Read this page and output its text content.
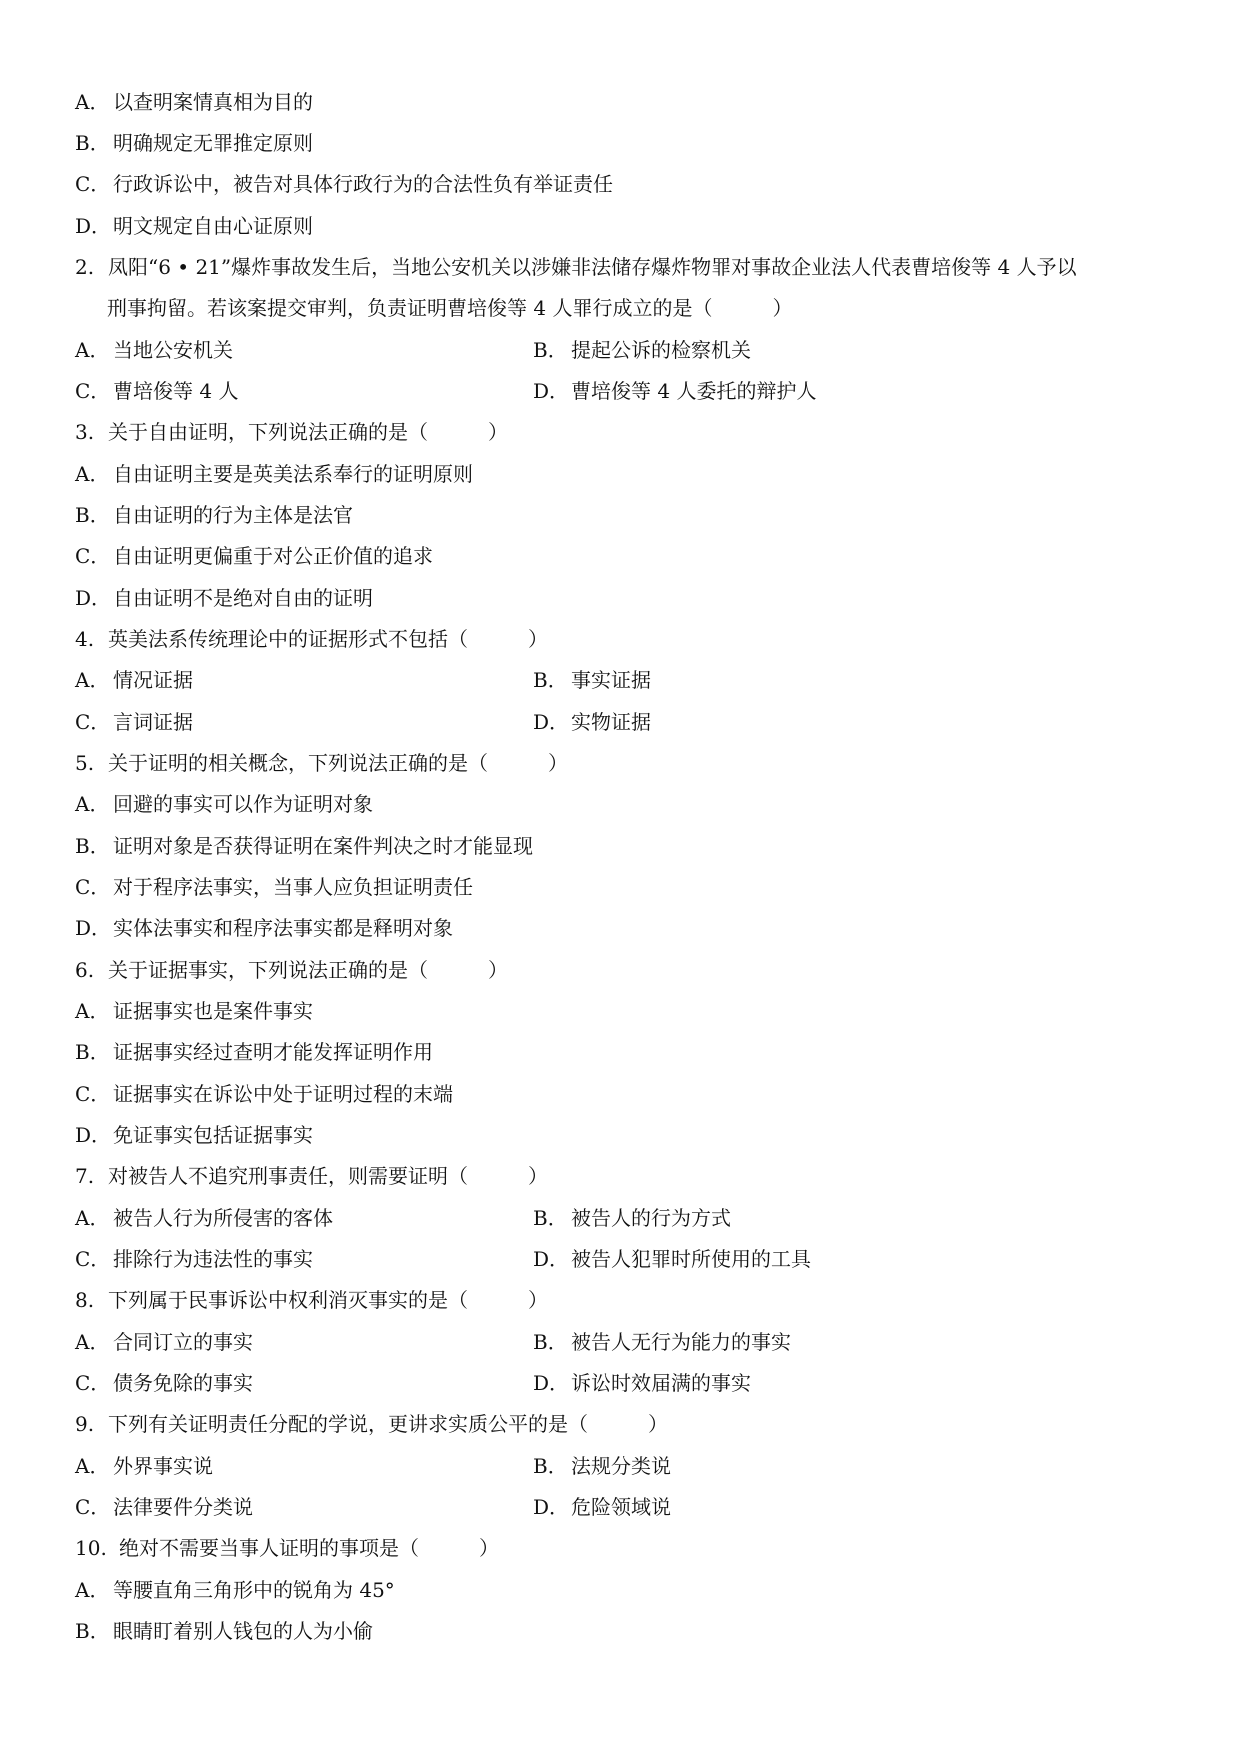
A． 以查明案情真相为目的
B． 明确规定无罪推定原则
C． 行政诉讼中，被告对具体行政行为的合法性负有举证责任
D．明文规定自由心证原则
2. 凤阳“6 • 21”爆炸事故发生后，当地公安机关以涉嫌非法储存爆炸物罪对事故企业法人代表曹培俊等 4 人予以
刑事拘留。若该案提交审判，负责证明曹培俊等 4 人罪行成立的是（　　　）
A． 当地公安机关	B． 提起公诉的检察机关
C． 曹培俊等 4 人	D．曹培俊等 4 人委托的辩护人
3. 关于自由证明，下列说法正确的是（　　　）
A． 自由证明主要是英美法系奉行的证明原则
B． 自由证明的行为主体是法官
C． 自由证明更偏重于对公正价值的追求
D．自由证明不是绝对自由的证明
4. 英美法系传统理论中的证据形式不包括（　　　）
A． 情况证据	B． 事实证据
C． 言词证据	D．实物证据
5. 关于证明的相关概念，下列说法正确的是（　　　）
A． 回避的事实可以作为证明对象
B． 证明对象是否获得证明在案件判决之时才能显现
C． 对于程序法事实，当事人应负担证明责任
D．实体法事实和程序法事实都是释明对象
6. 关于证据事实，下列说法正确的是（　　　）
A． 证据事实也是案件事实
B． 证据事实经过查明才能发挥证明作用
C． 证据事实在诉讼中处于证明过程的末端
D．免证事实包括证据事实
7. 对被告人不追究刑事责任，则需要证明（　　　）
A． 被告人行为所侵害的客体	B． 被告人的行为方式
C． 排除行为违法性的事实	D．被告人犯罪时所使用的工具
8. 下列属于民事诉讼中权利消灭事实的是（　　　）
A． 合同订立的事实	B． 被告人无行为能力的事实
C． 债务免除的事实	D．诉讼时效届满的事实
9. 下列有关证明责任分配的学说，更讲求实质公平的是（　　　）
A． 外界事实说	B． 法规分类说
C． 法律要件分类说	D．危险领域说
10. 绝对不需要当事人证明的事项是（　　　）
A． 等腰直角三角形中的锐角为 45°
B． 眼睛盯着别人钱包的人为小偷
